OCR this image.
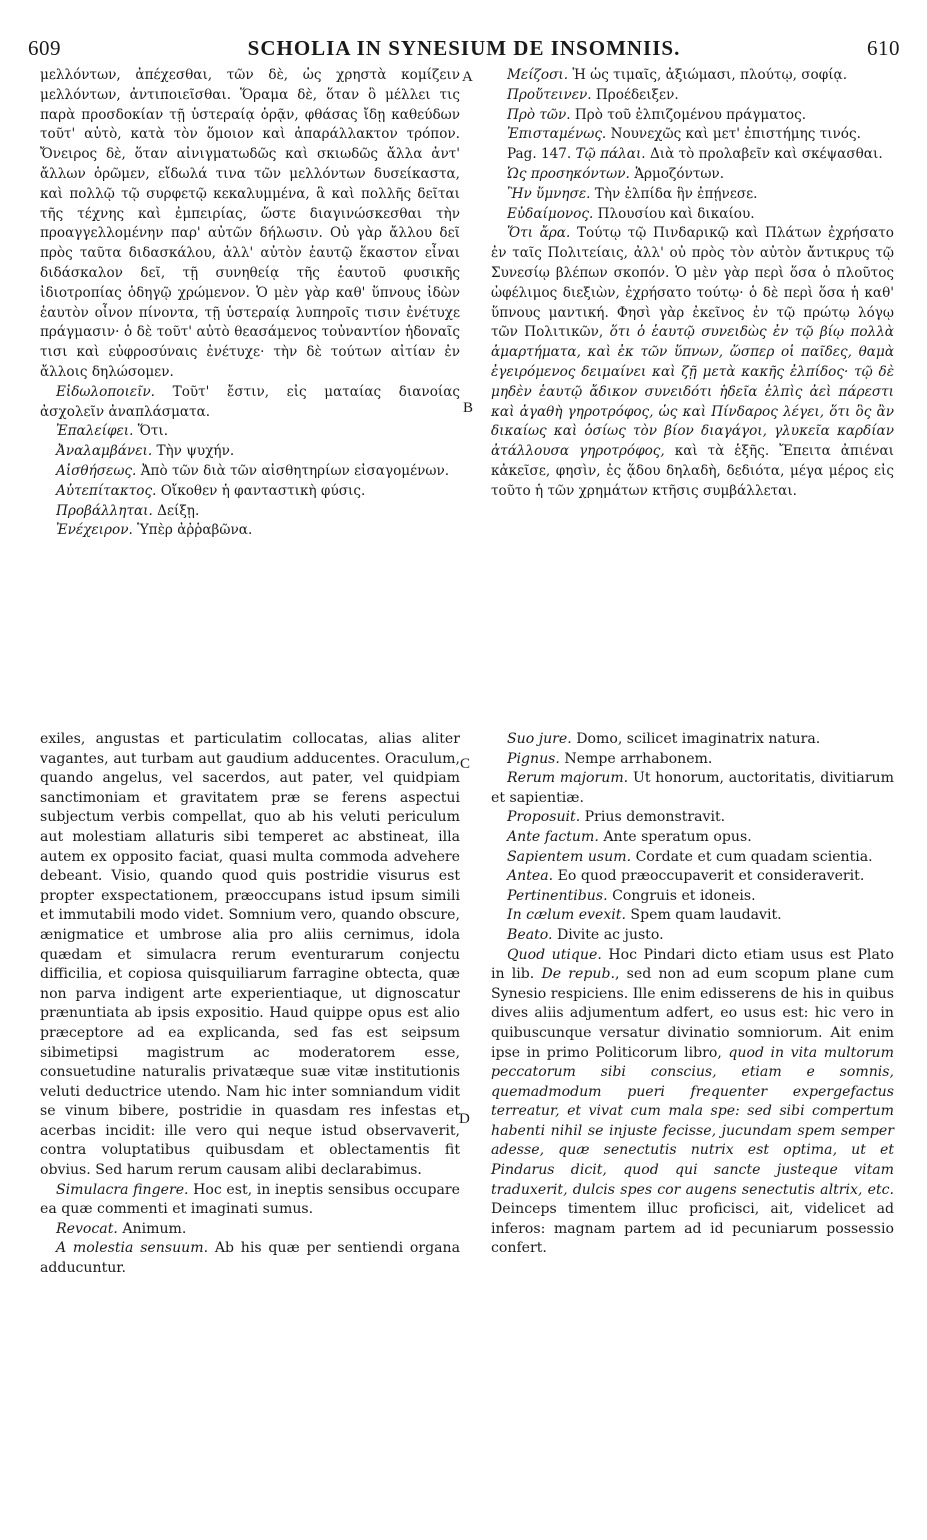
609	SCHOLIA IN SYNESIUM DE INSOMNIIS.	610
A
B
C
D

μελλόντων, ἀπέχεσθαι, τῶν δὲ, ὡς χρηστὰ κομίζειν μελλόντων, ἀντιποιεῖσθαι. Ὅραμα δὲ, ὅταν ὃ μέλλει τις παρὰ προσδοκίαν τῇ ὑστεραίᾳ ὁρᾷν, φθάσας ἴδῃ καθεύδων τοῦτ' αὐτὸ, κατὰ τὸν ὅμοιον καὶ ἀπαράλλακτον τρόπον. Ὄνειρος δὲ, ὅταν αἰνιγματωδῶς καὶ σκιωδῶς ἄλλα ἀντ' ἄλλων ὁρῶμεν, εἴδωλά τινα τῶν μελλόντων δυσείκαστα, καὶ πολλῷ τῷ συρφετῷ κεκαλυμμένα, ἃ καὶ πολλῆς δεῖται τῆς τέχνης καὶ ἐμπειρίας, ὥστε διαγινώσκεσθαι τὴν προαγγελλομένην παρ' αὐτῶν δήλωσιν. Οὐ γὰρ ἄλλου δεῖ πρὸς ταῦτα διδασκάλου, ἀλλ' αὐτὸν ἑαυτῷ ἕκαστον εἶναι διδάσκαλον δεῖ, τῇ συνηθείᾳ τῆς ἑαυτοῦ φυσικῆς ἰδιοτροπίας ὁδηγῷ χρώμενον. Ὁ μὲν γὰρ καθ' ὕπνους ἰδὼν ἑαυτὸν οἶνον πίνοντα, τῇ ὑστεραίᾳ λυπηροῖς τισιν ἐνέτυχε πράγμασιν· ὁ δὲ τοῦτ' αὐτὸ θεασάμενος τοὐναντίον ἡδοναῖς τισι καὶ εὐφροσύναις ἐνέτυχε· τὴν δὲ τούτων αἰτίαν ἐν ἄλλοις δηλώσομεν.

Εἰδωλοποιεῖν. Τοῦτ' ἔστιν, εἰς ματαίας διανοίας ἀσχολεῖν ἀναπλάσματα.

Ἐπαλείφει. Ὅτι.

Ἀναλαμβάνει. Τὴν ψυχήν.

Αἰσθήσεως. Ἀπὸ τῶν διὰ τῶν αἰσθητηρίων εἰσαγομένων.

Αὐτεπίτακτος. Οἴκοθεν ἡ φανταστικὴ φύσις.

Προβάλληται. Δείξῃ.

Ἐνέχειρον. Ὑπὲρ ἀῤῥαβῶνα.

Μείζοσι. Ἡ ὡς τιμαῖς, ἀξιώμασι, πλούτῳ, σοφίᾳ.

Προὔτεινεν. Προέδειξεν.

Πρὸ τῶν. Πρὸ τοῦ ἐλπιζομένου πράγματος.

Ἐπισταμένως. Νουνεχῶς καὶ μετ' ἐπιστήμης τινός.

Pag. 147. Τῷ πάλαι. Διὰ τὸ προλαβεῖν καὶ σκέψασθαι.

Ὡς προσηκόντων. Ἁρμοζόντων.

Ἢν ὕμνησε. Τὴν ἐλπίδα ἣν ἐπῄνεσε.

Εὐδαίμονος. Πλουσίου καὶ δικαίου.

Ὅτι ἄρα. Τούτῳ τῷ Πινδαρικῷ καὶ Πλάτων ἐχρήσατο ἐν ταῖς Πολιτείαις, ἀλλ' οὐ πρὸς τὸν αὐτὸν ἄντικρυς τῷ Συνεσίῳ βλέπων σκοπόν. Ὁ μὲν γὰρ περὶ ὅσα ὁ πλοῦτος ὠφέλιμος διεξιὼν, ἐχρήσατο τούτῳ· ὁ δὲ περὶ ὅσα ἡ καθ' ὕπνους μαντική. Φησὶ γὰρ ἐκεῖνος ἐν τῷ πρώτῳ λόγῳ τῶν Πολιτικῶν, ὅτι ὁ ἑαυτῷ συνειδὼς ἐν τῷ βίῳ πολλὰ ἁμαρτήματα, καὶ ἐκ τῶν ὕπνων, ὥσπερ οἱ παῖδες, θαμὰ ἐγειρόμενος δειμαίνει καὶ ζῇ μετὰ κακῆς ἐλπίδος· τῷ δὲ μηδὲν ἑαυτῷ ἄδικον συνειδότι ἡδεῖα ἐλπὶς ἀεὶ πάρεστι καὶ ἀγαθὴ γηροτρόφος, ὡς καὶ Πίνδαρος λέγει, ὅτι ὃς ἂν δικαίως καὶ ὁσίως τὸν βίον διαγάγοι, γλυκεῖα καρδίαν ἀτάλλουσα γηροτρόφος, καὶ τὰ ἑξῆς. Ἔπειτα ἀπιέναι κἀκεῖσε, φησὶν, ἐς ᾅδου δηλαδὴ, δεδιότα, μέγα μέρος εἰς τοῦτο ἡ τῶν χρημάτων κτῆσις συμβάλλεται.

exiles, angustas et particulatim collocatas, alias aliter vagantes, aut turbam aut gaudium adducentes. Oraculum, quando angelus, vel sacerdos, aut pater, vel quidpiam sanctimoniam et gravitatem præ se ferens aspectui subjectum verbis compellat, quo ab his veluti periculum aut molestiam allaturis sibi temperet ac abstineat, illa autem ex opposito faciat, quasi multa commoda advehere debeant. Visio, quando quod quis postridie visurus est propter exspectationem, præoccupans istud ipsum simili et immutabili modo videt. Somnium vero, quando obscure, ænigmatice et umbrose alia pro aliis cernimus, idola quædam et simulacra rerum eventurarum conjectu difficilia, et copiosa quisquiliarum farragine obtecta, quæ non parva indigent arte experientiaque, ut dignoscatur prænuntiata ab ipsis expositio. Haud quippe opus est alio præceptore ad ea explicanda, sed fas est seipsum sibimetipsi magistrum ac moderatorem esse, consuetudine naturalis privatæque suæ vitæ institutionis veluti deductrice utendo. Nam hic inter somniandum vidit se vinum bibere, postridie in quasdam res infestas et acerbas incidit: ille vero qui neque istud observaverit, contra voluptatibus quibusdam et oblectamentis fit obvius. Sed harum rerum causam alibi declarabimus.

Simulacra fingere. Hoc est, in ineptis sensibus occupare ea quæ commenti et imaginati sumus.

Revocat. Animum.

A molestia sensuum. Ab his quæ per sentiendi organa adducuntur.

Suo jure. Domo, scilicet imaginatrix natura.

Pignus. Nempe arrhabonem.

Rerum majorum. Ut honorum, auctoritatis, divitiarum et sapientiæ.

Proposuit. Prius demonstravit.

Ante factum. Ante speratum opus.

Sapientem usum. Cordate et cum quadam scientia.

Antea. Eo quod præoccupaverit et consideraverit.

Pertinentibus. Congruis et idoneis.

In cælum evexit. Spem quam laudavit.

Beato. Divite ac justo.

Quod utique. Hoc Pindari dicto etiam usus est Plato in lib. De repub., sed non ad eum scopum plane cum Synesio respiciens. Ille enim edisserens de his in quibus dives aliis adjumentum adfert, eo usus est: hic vero in quibuscunque versatur divinatio somniorum. Ait enim ipse in primo Politicorum libro, quod in vita multorum peccatorum sibi conscius, etiam e somnis, quemadmodum pueri frequenter expergefactus terreatur, et vivat cum mala spe: sed sibi compertum habenti nihil se injuste fecisse, jucundam spem semper adesse, quæ senectutis nutrix est optima, ut et Pindarus dicit, quod qui sancte justeque vitam traduxerit, dulcis spes cor augens senectutis altrix, etc. Deinceps timentem illuc proficisci, ait, videlicet ad inferos: magnam partem ad id pecuniarum possessio confert.
